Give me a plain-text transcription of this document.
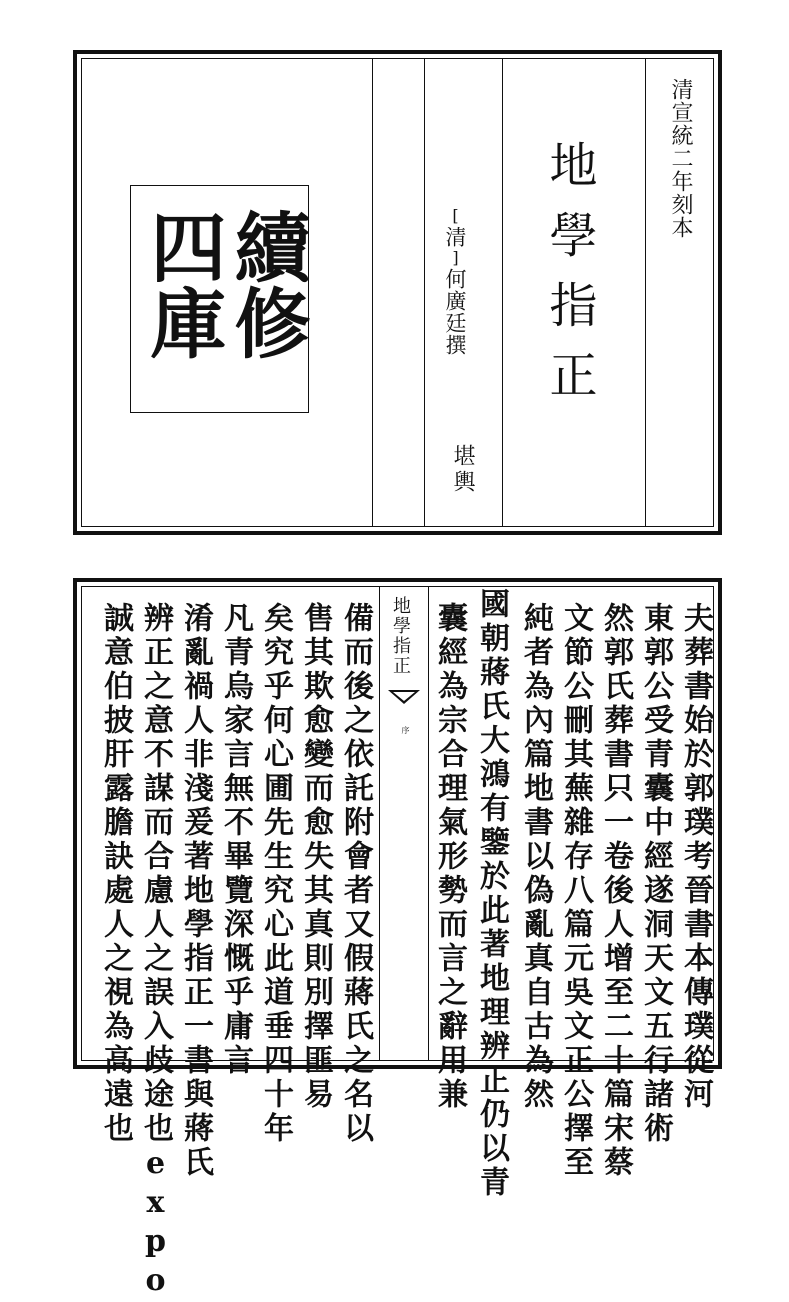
續修
四庫	[清]何廣廷撰
堪輿
地學指正	清宣統二年刻本
夫葬書始於郭璞考晉書本傳璞從河
東郭公受青囊中經遂洞天文五行諸術
然郭氏葬書只一卷後人增至二十篇宋蔡
文節公刪其蕪雜存八篇元吳文正公擇至
純者為內篇地書以偽亂真自古為然
國朝蔣氏大鴻有鑒於此著地理辨正仍以青
囊經為宗合理氣形勢而言之辭用兼
地學指正
序
備而後之依託附會者又假蔣氏之名以
售其欺愈變而愈失其真則別擇匪易
矣究乎何心圃先生究心此道垂四十年
凡青烏家言無不畢覽深慨乎庸言
淆亂禍人非淺爰著地學指正一書與蔣氏
辨正之意不謀而合慮人之誤入歧途也expo
誠意伯披肝露膽訣處人之視為高遠也
